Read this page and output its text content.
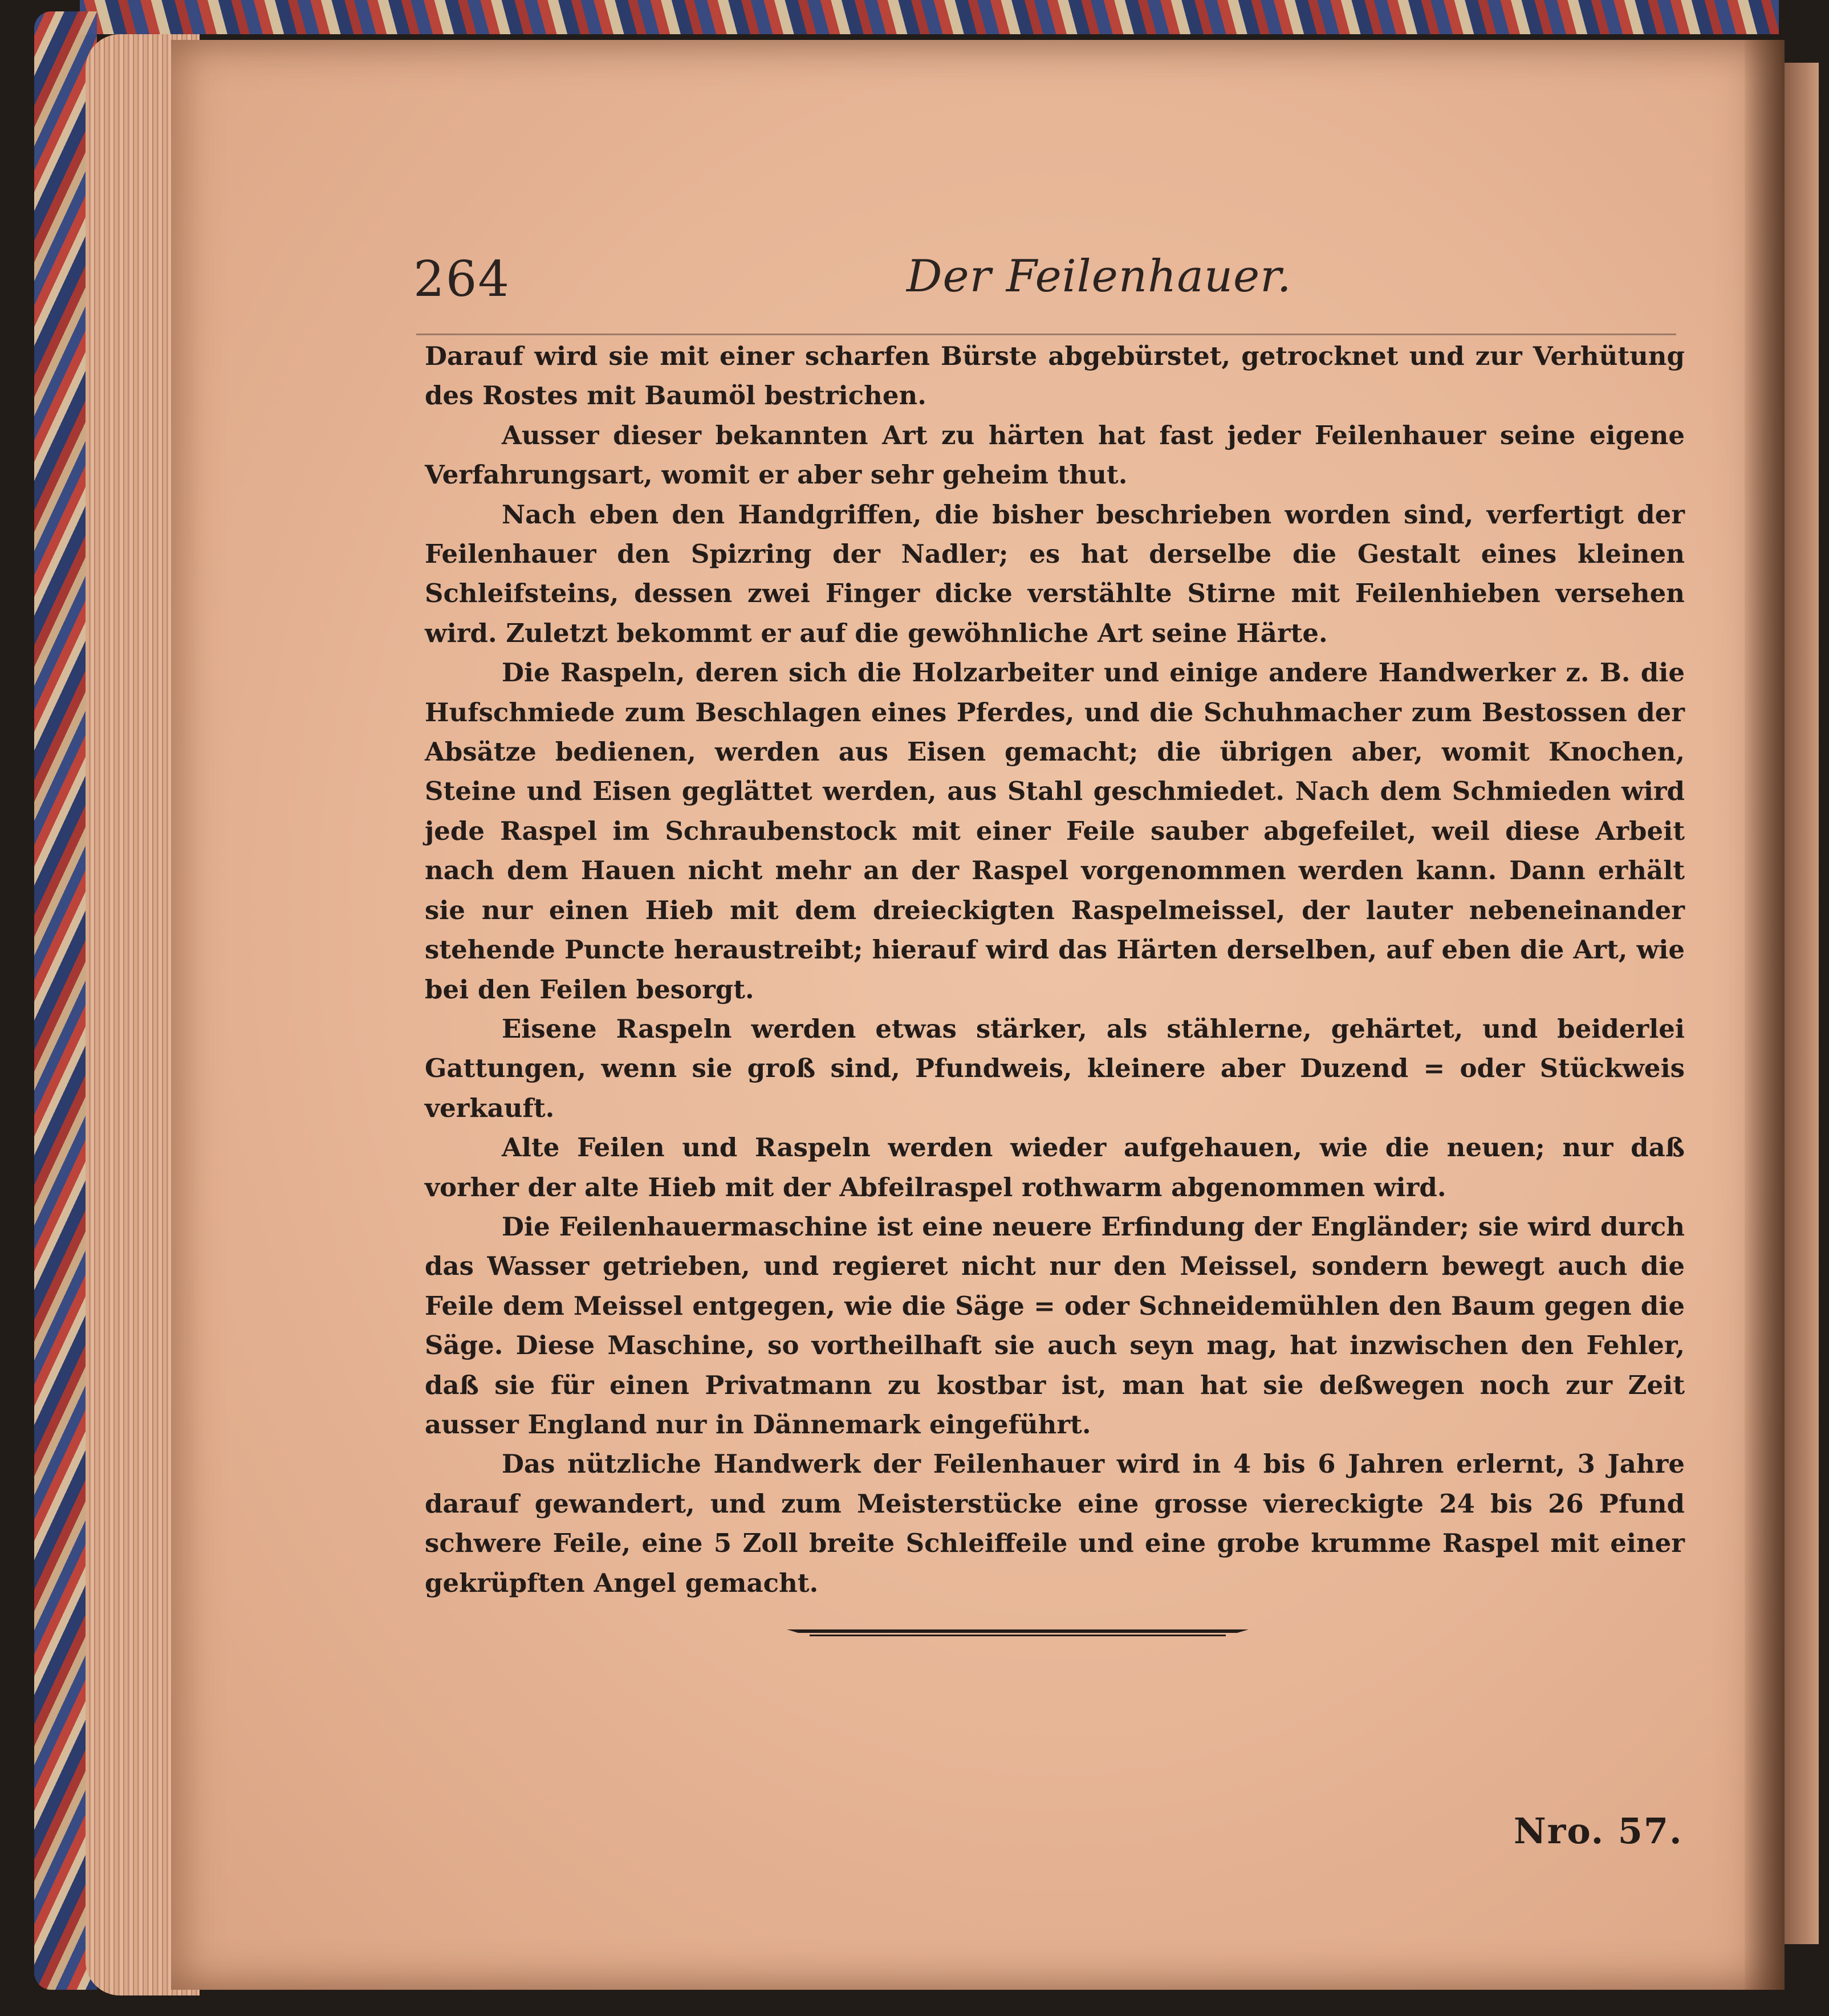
264	Der Feilenhauer.

Darauf wird sie mit einer scharfen Bürste abgebürstet, getrocknet und zur Verhütung des Rostes mit Baumöl bestrichen.

Ausser dieser bekannten Art zu härten hat fast jeder Feilenhauer seine eigene Verfahrungsart, womit er aber sehr geheim thut.

Nach eben den Handgriffen, die bisher beschrieben worden sind, verfertigt der Feilenhauer den Spizring der Nadler; es hat derselbe die Gestalt eines kleinen Schleifsteins, dessen zwei Finger dicke verstählte Stirne mit Feilenhieben versehen wird. Zuletzt bekommt er auf die gewöhnliche Art seine Härte.

Die Raspeln, deren sich die Holzarbeiter und einige andere Handwerker z. B. die Hufschmiede zum Beschlagen eines Pferdes, und die Schuhmacher zum Bestossen der Absätze bedienen, werden aus Eisen gemacht; die übrigen aber, womit Knochen, Steine und Eisen geglättet werden, aus Stahl geschmiedet. Nach dem Schmieden wird jede Raspel im Schraubenstock mit einer Feile sauber abgefeilet, weil diese Arbeit nach dem Hauen nicht mehr an der Raspel vorgenommen werden kann. Dann erhält sie nur einen Hieb mit dem dreieckigten Raspelmeissel, der lauter nebeneinander stehende Puncte heraustreibt; hierauf wird das Härten derselben, auf eben die Art, wie bei den Feilen besorgt.

Eisene Raspeln werden etwas stärker, als stählerne, gehärtet, und beiderlei Gattungen, wenn sie groß sind, Pfundweis, kleinere aber Duzend = oder Stückweis verkauft.

Alte Feilen und Raspeln werden wieder aufgehauen, wie die neuen; nur daß vorher der alte Hieb mit der Abfeilraspel rothwarm abgenommen wird.

Die Feilenhauermaschine ist eine neuere Erfindung der Engländer; sie wird durch das Wasser getrieben, und regieret nicht nur den Meissel, sondern bewegt auch die Feile dem Meissel entgegen, wie die Säge = oder Schneidemühlen den Baum gegen die Säge. Diese Maschine, so vortheilhaft sie auch seyn mag, hat inzwischen den Fehler, daß sie für einen Privatmann zu kostbar ist, man hat sie deßwegen noch zur Zeit ausser England nur in Dännemark eingeführt.

Das nützliche Handwerk der Feilenhauer wird in 4 bis 6 Jahren erlernt, 3 Jahre darauf gewandert, und zum Meisterstücke eine grosse viereckigte 24 bis 26 Pfund schwere Feile, eine 5 Zoll breite Schleiffeile und eine grobe krumme Raspel mit einer gekrüpften Angel gemacht.

Nro. 57.
